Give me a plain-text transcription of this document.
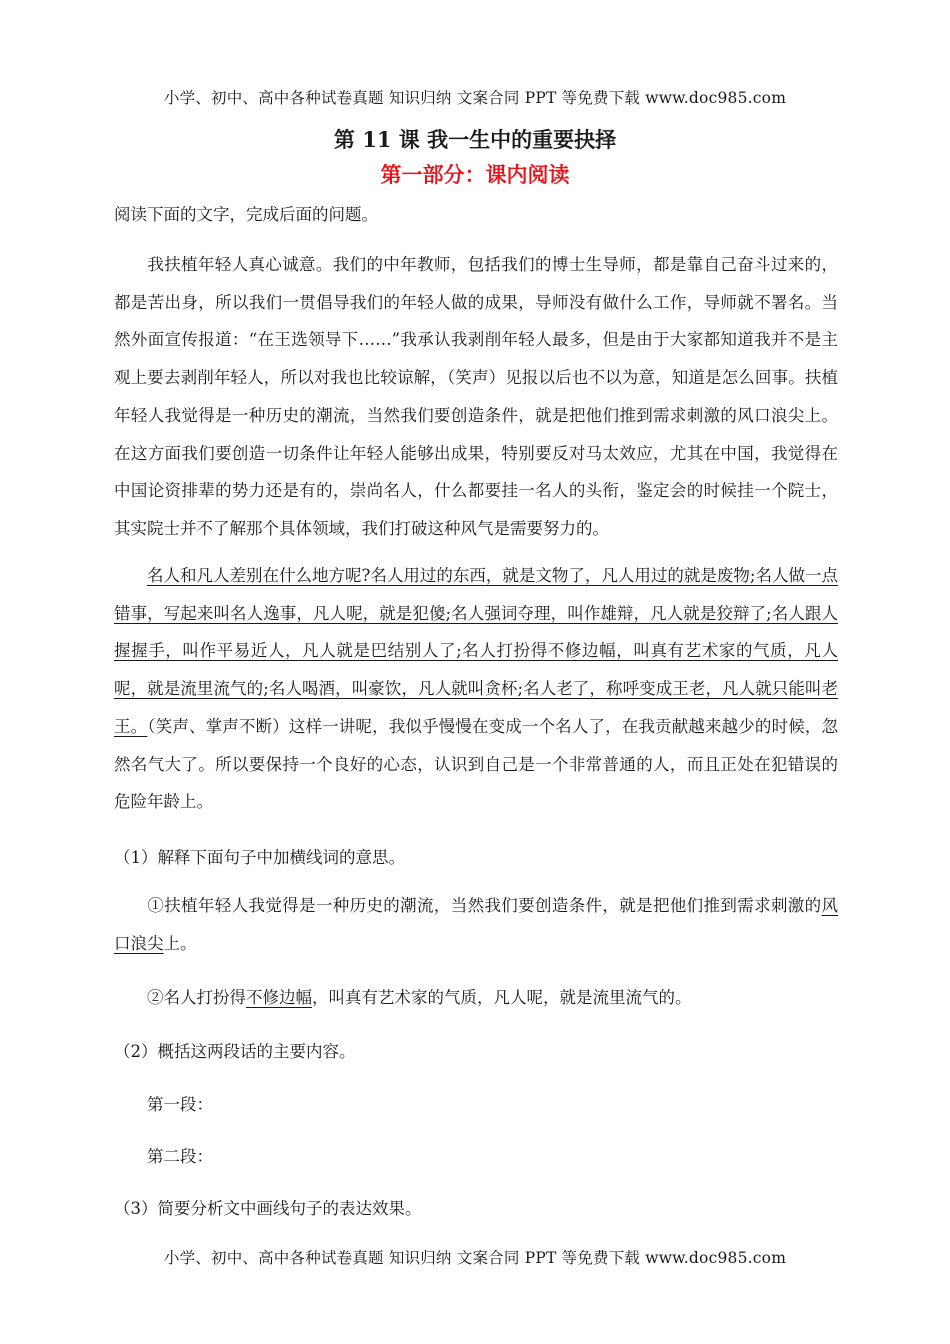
小学、初中、高中各种试卷真题 知识归纳 文案合同 PPT 等免费下载 www.doc985.com
第 11 课 我一生中的重要抉择
第一部分：课内阅读
阅读下面的文字，完成后面的问题。

我扶植年轻人真心诚意。我们的中年教师，包括我们的博士生导师，都是靠自己奋斗过来的，都是苦出身，所以我们一贯倡导我们的年轻人做的成果，导师没有做什么工作，导师就不署名。当然外面宣传报道：“在王选领导下……”我承认我剥削年轻人最多，但是由于大家都知道我并不是主观上要去剥削年轻人，所以对我也比较谅解，（笑声）见报以后也不以为意，知道是怎么回事。扶植年轻人我觉得是一种历史的潮流，当然我们要创造条件，就是把他们推到需求刺激的风口浪尖上。在这方面我们要创造一切条件让年轻人能够出成果，特别要反对马太效应，尤其在中国，我觉得在中国论资排辈的势力还是有的，崇尚名人，什么都要挂一名人的头衔，鉴定会的时候挂一个院士，其实院士并不了解那个具体领域，我们打破这种风气是需要努力的。

名人和凡人差别在什么地方呢?名人用过的东西，就是文物了，凡人用过的就是废物;名人做一点错事，写起来叫名人逸事，凡人呢，就是犯傻;名人强词夺理，叫作雄辩，凡人就是狡辩了;名人跟人握握手，叫作平易近人，凡人就是巴结别人了;名人打扮得不修边幅，叫真有艺术家的气质，凡人呢，就是流里流气的;名人喝酒，叫豪饮，凡人就叫贪杯;名人老了，称呼变成王老，凡人就只能叫老王。（笑声、掌声不断）这样一讲呢，我似乎慢慢在变成一个名人了，在我贡献越来越少的时候，忽然名气大了。所以要保持一个良好的心态，认识到自己是一个非常普通的人，而且正处在犯错误的危险年龄上。

（1）解释下面句子中加横线词的意思。

①扶植年轻人我觉得是一种历史的潮流，当然我们要创造条件，就是把他们推到需求刺激的风口浪尖上。

②名人打扮得不修边幅，叫真有艺术家的气质，凡人呢，就是流里流气的。
（2）概括这两段话的主要内容。
第一段：
第二段：
（3）简要分析文中画线句子的表达效果。
小学、初中、高中各种试卷真题 知识归纳 文案合同 PPT 等免费下载 www.doc985.com
